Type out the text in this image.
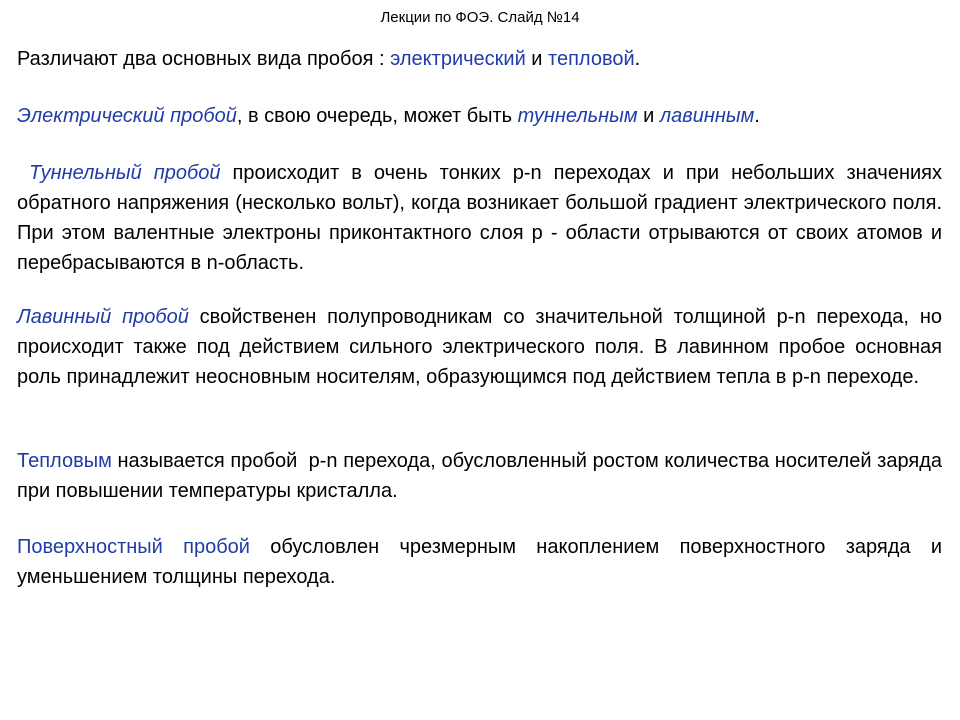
Лекции по ФОЭ. Слайд №14

Различают два основных вида пробоя : электрический и тепловой.

Электрический пробой, в свою очередь, может быть туннельным и лавинным.

Туннельный пробой происходит в очень тонких p-n переходах и при небольших значениях обратного напряжения (несколько вольт), когда возникает большой градиент электрического поля. При этом валентные электроны приконтактного слоя p - области отрываются от своих атомов и перебрасываются в n-область.

Лавинный пробой свойственен полупроводникам со значительной толщиной p-n перехода, но происходит также под действием сильного электрического поля. В лавинном пробое основная роль принадлежит неосновным носителям, образующимся под действием тепла в p-n переходе.

Тепловым называется пробой  p-n перехода, обусловленный ростом количества носителей заряда при повышении температуры кристалла.

Поверхностный пробой обусловлен чрезмерным накоплением поверхностного заряда и уменьшением толщины перехода.
